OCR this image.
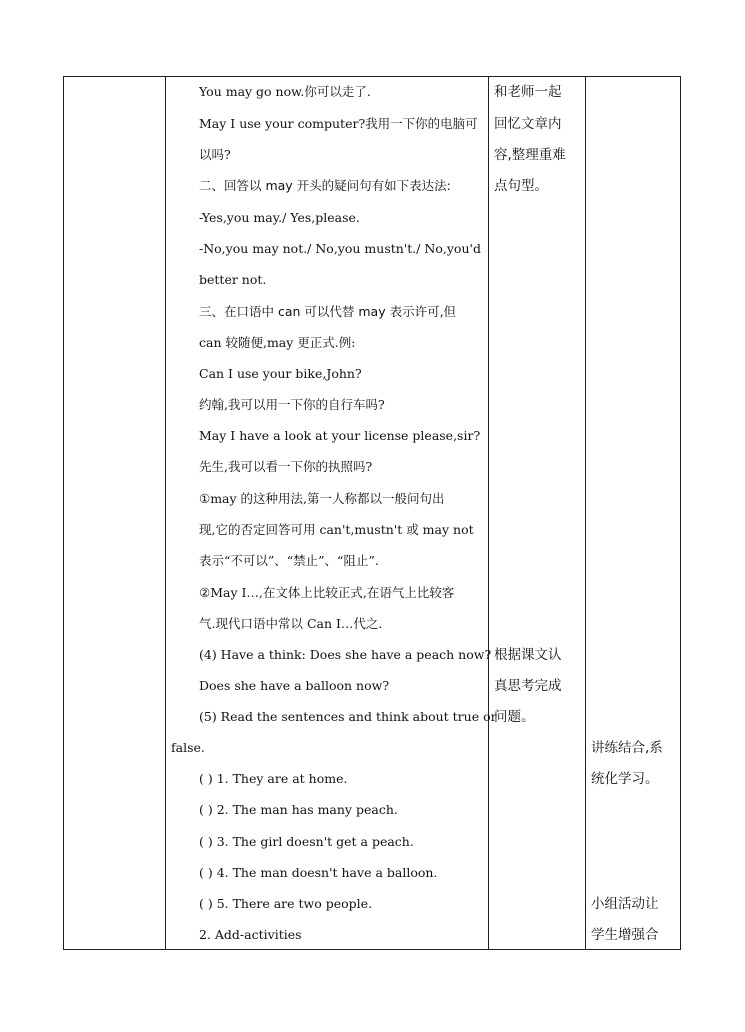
You may go now.你可以走了.
May I use your computer?我用一下你的电脑可
以吗?
二、回答以 may 开头的疑问句有如下表达法:
-Yes,you may./ Yes,please.
-No,you may not./ No,you mustn't./ No,you'd
better not.
三、在口语中 can 可以代替 may 表示许可,但
can 较随便,may 更正式.例:
Can I use your bike,John?
约翰,我可以用一下你的自行车吗?
May I have a look at your license please,sir?
先生,我可以看一下你的执照吗?
①may 的这种用法,第一人称都以一般问句出
现,它的否定回答可用 can't,mustn't 或 may not
表示“不可以”、“禁止”、“阻止”.
②May I…,在文体上比较正式,在语气上比较客
气.现代口语中常以 Can I…代之.
(4) Have a think: Does she have a peach now?
Does she have a balloon now?
(5) Read the sentences and think about true or
false.
( ) 1. They are at home.
( ) 2. The man has many peach.
( ) 3. The girl doesn't get a peach.
( ) 4. The man doesn't have a balloon.
( ) 5. There are two people.
2. Add-activities
和老师一起
回忆文章内
容,整理重难
点句型。
根据课文认
真思考完成
问题。
讲练结合,系
统化学习。
小组活动让
学生增强合
